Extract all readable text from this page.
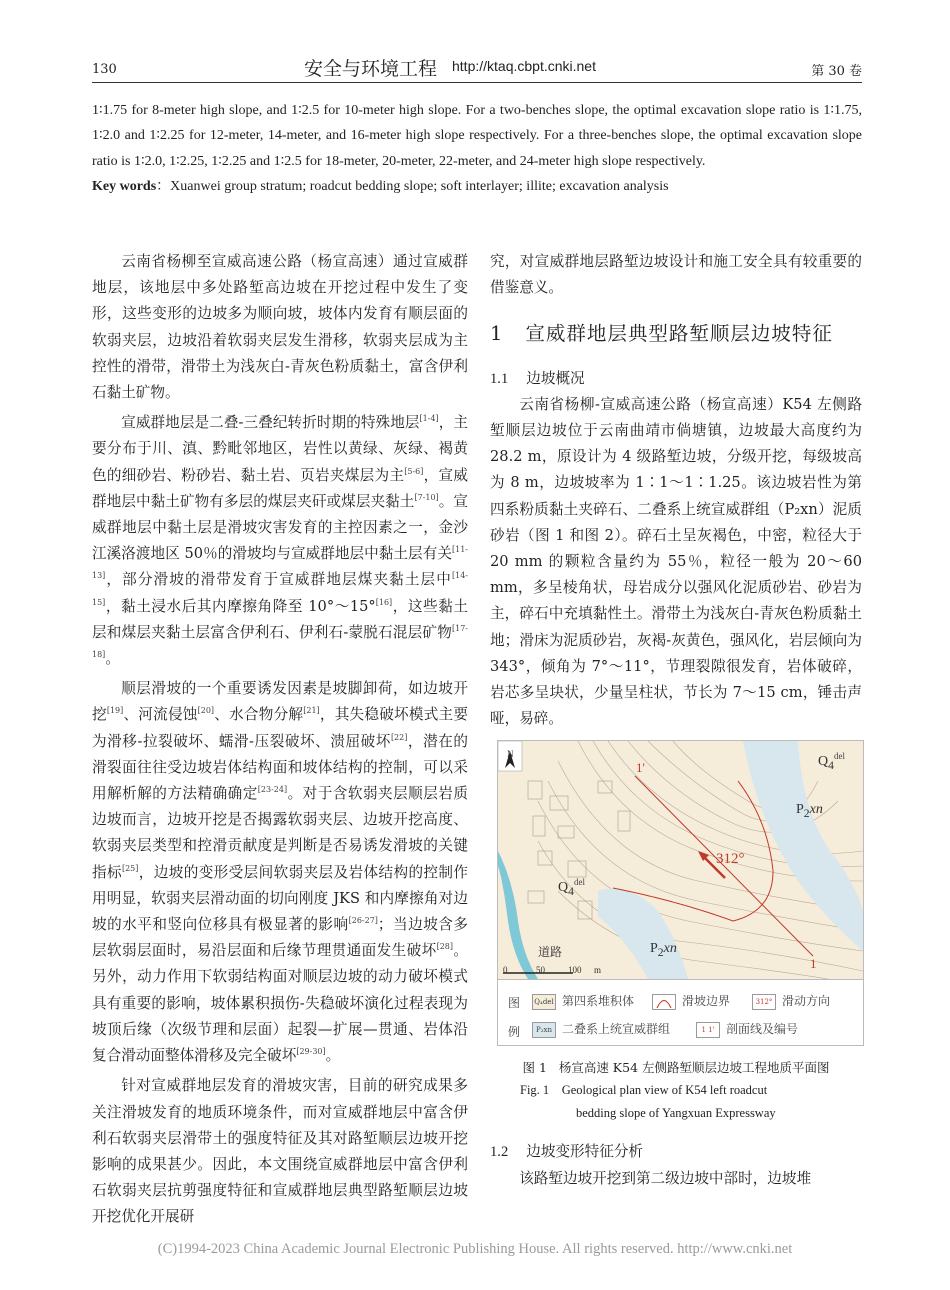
130	安全与环境工程 http://ktaq.cbpt.cnki.net	第 30 卷
1∶1.75 for 8-meter high slope, and 1∶2.5 for 10-meter high slope. For a two-benches slope, the optimal excavation slope ratio is 1∶1.75, 1∶2.0 and 1∶2.25 for 12-meter, 14-meter, and 16-meter high slope respectively. For a three-benches slope, the optimal excavation slope ratio is 1∶2.0, 1∶2.25, 1∶2.25 and 1∶2.5 for 18-meter, 20-meter, 22-meter, and 24-meter high slope respectively.
Key words：Xuanwei group stratum; roadcut bedding slope; soft interlayer; illite; excavation analysis

云南省杨柳至宣威高速公路（杨宣高速）通过宣威群地层，该地层中多处路堑高边坡在开挖过程中发生了变形，这些变形的边坡多为顺向坡，坡体内发育有顺层面的软弱夹层，边坡沿着软弱夹层发生滑移，软弱夹层成为主控性的滑带，滑带土为浅灰白-青灰色粉质黏土，富含伊利石黏土矿物。

宣威群地层是二叠-三叠纪转折时期的特殊地层[1-4]，主要分布于川、滇、黔毗邻地区，岩性以黄绿、灰绿、褐黄色的细砂岩、粉砂岩、黏土岩、页岩夹煤层为主[5-6]，宣威群地层中黏土矿物有多层的煤层夹矸或煤层夹黏土[7-10]。宣威群地层中黏土层是滑坡灾害发育的主控因素之一，金沙江溪洛渡地区 50％的滑坡均与宣威群地层中黏土层有关[11-13]，部分滑坡的滑带发育于宣威群地层煤夹黏土层中[14-15]，黏土浸水后其内摩擦角降至 10°～15°[16]，这些黏土层和煤层夹黏土层富含伊利石、伊利石-蒙脱石混层矿物[17-18]。

顺层滑坡的一个重要诱发因素是坡脚卸荷，如边坡开挖[19]、河流侵蚀[20]、水合物分解[21]，其失稳破坏模式主要为滑移-拉裂破坏、蠕滑-压裂破坏、溃屈破坏[22]，潜在的滑裂面往往受边坡岩体结构面和坡体结构的控制，可以采用解析解的方法精确确定[23-24]。对于含软弱夹层顺层岩质边坡而言，边坡开挖是否揭露软弱夹层、边坡开挖高度、软弱夹层类型和控滑贡献度是判断是否易诱发滑坡的关键指标[25]，边坡的变形受层间软弱夹层及岩体结构的控制作用明显，软弱夹层滑动面的切向刚度 JKS 和内摩擦角对边坡的水平和竖向位移具有极显著的影响[26-27]；当边坡含多层软弱层面时，易沿层面和后缘节理贯通面发生破坏[28]。另外，动力作用下软弱结构面对顺层边坡的动力破坏模式具有重要的影响，坡体累积损伤-失稳破坏演化过程表现为坡顶后缘（次级节理和层面）起裂—扩展—贯通、岩体沿复合滑动面整体滑移及完全破坏[29-30]。

针对宣威群地层发育的滑坡灾害，目前的研究成果多关注滑坡发育的地质环境条件，而对宣威群地层中富含伊利石软弱夹层滑带土的强度特征及其对路堑顺层边坡开挖影响的成果甚少。因此，本文围绕宣威群地层中富含伊利石软弱夹层抗剪强度特征和宣威群地层典型路堑顺层边坡开挖优化开展研

究，对宣威群地层路堑边坡设计和施工安全具有较重要的借鉴意义。

1 宣威群地层典型路堑顺层边坡特征
1.1 边坡概况

云南省杨柳-宣威高速公路（杨宣高速）K54 左侧路堑顺层边坡位于云南曲靖市倘塘镇，边坡最大高度约为 28.2 m，原设计为 4 级路堑边坡，分级开挖，每级坡高为 8 m，边坡坡率为 1∶1～1∶1.25。该边坡岩性为第四系粉质黏土夹碎石、二叠系上统宣威群组（P₂xn）泥质砂岩（图 1 和图 2）。碎石土呈灰褐色，中密，粒径大于 20 mm 的颗粒含量约为 55％，粒径一般为 20～60 mm，多呈棱角状，母岩成分以强风化泥质砂岩、砂岩为主，碎石中充填黏性土。滑带土为浅灰白-青灰色粉质黏土地；滑床为泥质砂岩，灰褐-灰黄色，强风化，岩层倾向为 343°，倾角为 7°～11°，节理裂隙很发育，岩体破碎，岩芯多呈块状，少量呈柱状，节长为 7～15 cm，锤击声哑，易碎。

N
1'
1
312°
$Q_4^{del}$
$Q_4^{del}$
$P_2xn$
$P_2xn$
道路
0	50	100 m
图
例
Q₄del 第四系堆积体	滑坡边界	312° 滑动方向
P₂xn 二叠系上统宣威群组	1 1' 剖面线及编号
图 1 杨宣高速 K54 左侧路堑顺层边坡工程地质平面图
Fig. 1 Geological plan view of K54 left roadcut
bedding slope of Yangxuan Expressway
1.2 边坡变形特征分析

该路堑边坡开挖到第二级边坡中部时，边坡堆

(C)1994-2023 China Academic Journal Electronic Publishing House. All rights reserved. http://www.cnki.net
